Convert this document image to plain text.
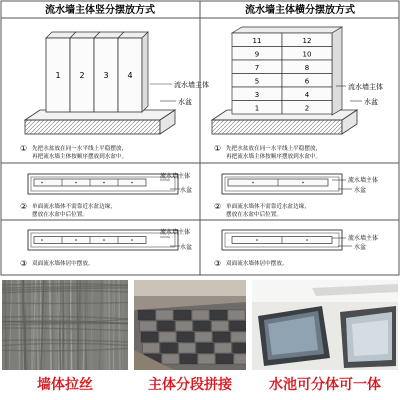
流水墙主体竖分摆放方式	流水墙主体横分摆放方式
1 2 3 4
流水墙主体
水盆
① 先把水盆放在同一水平线上平稳摆放，
再把流水墙主体按顺序摆放到水盆中。
11	12
9	10
7	8
5	6
3	4
1	2
流水墙主体
水盆
① 先把水盆放在同一水平线上平稳摆放，
再把流水墙主体按顺序摆放到水盆中。
流水墙主体
水盆
② 单面流水墙体不需靠近水盆边缘，
摆放在水盆中后位置。
流水墙主体
水盆
② 单面流水墙体不需靠近水盆边缘，
摆放在水盆中后位置。
流水墙主体
水盆
③ 双面流水墙体居中摆放。
流水墙主体
水盆
③ 双面流水墙体居中摆放。
墙体拉丝	主体分段拼接	水池可分体可一体
